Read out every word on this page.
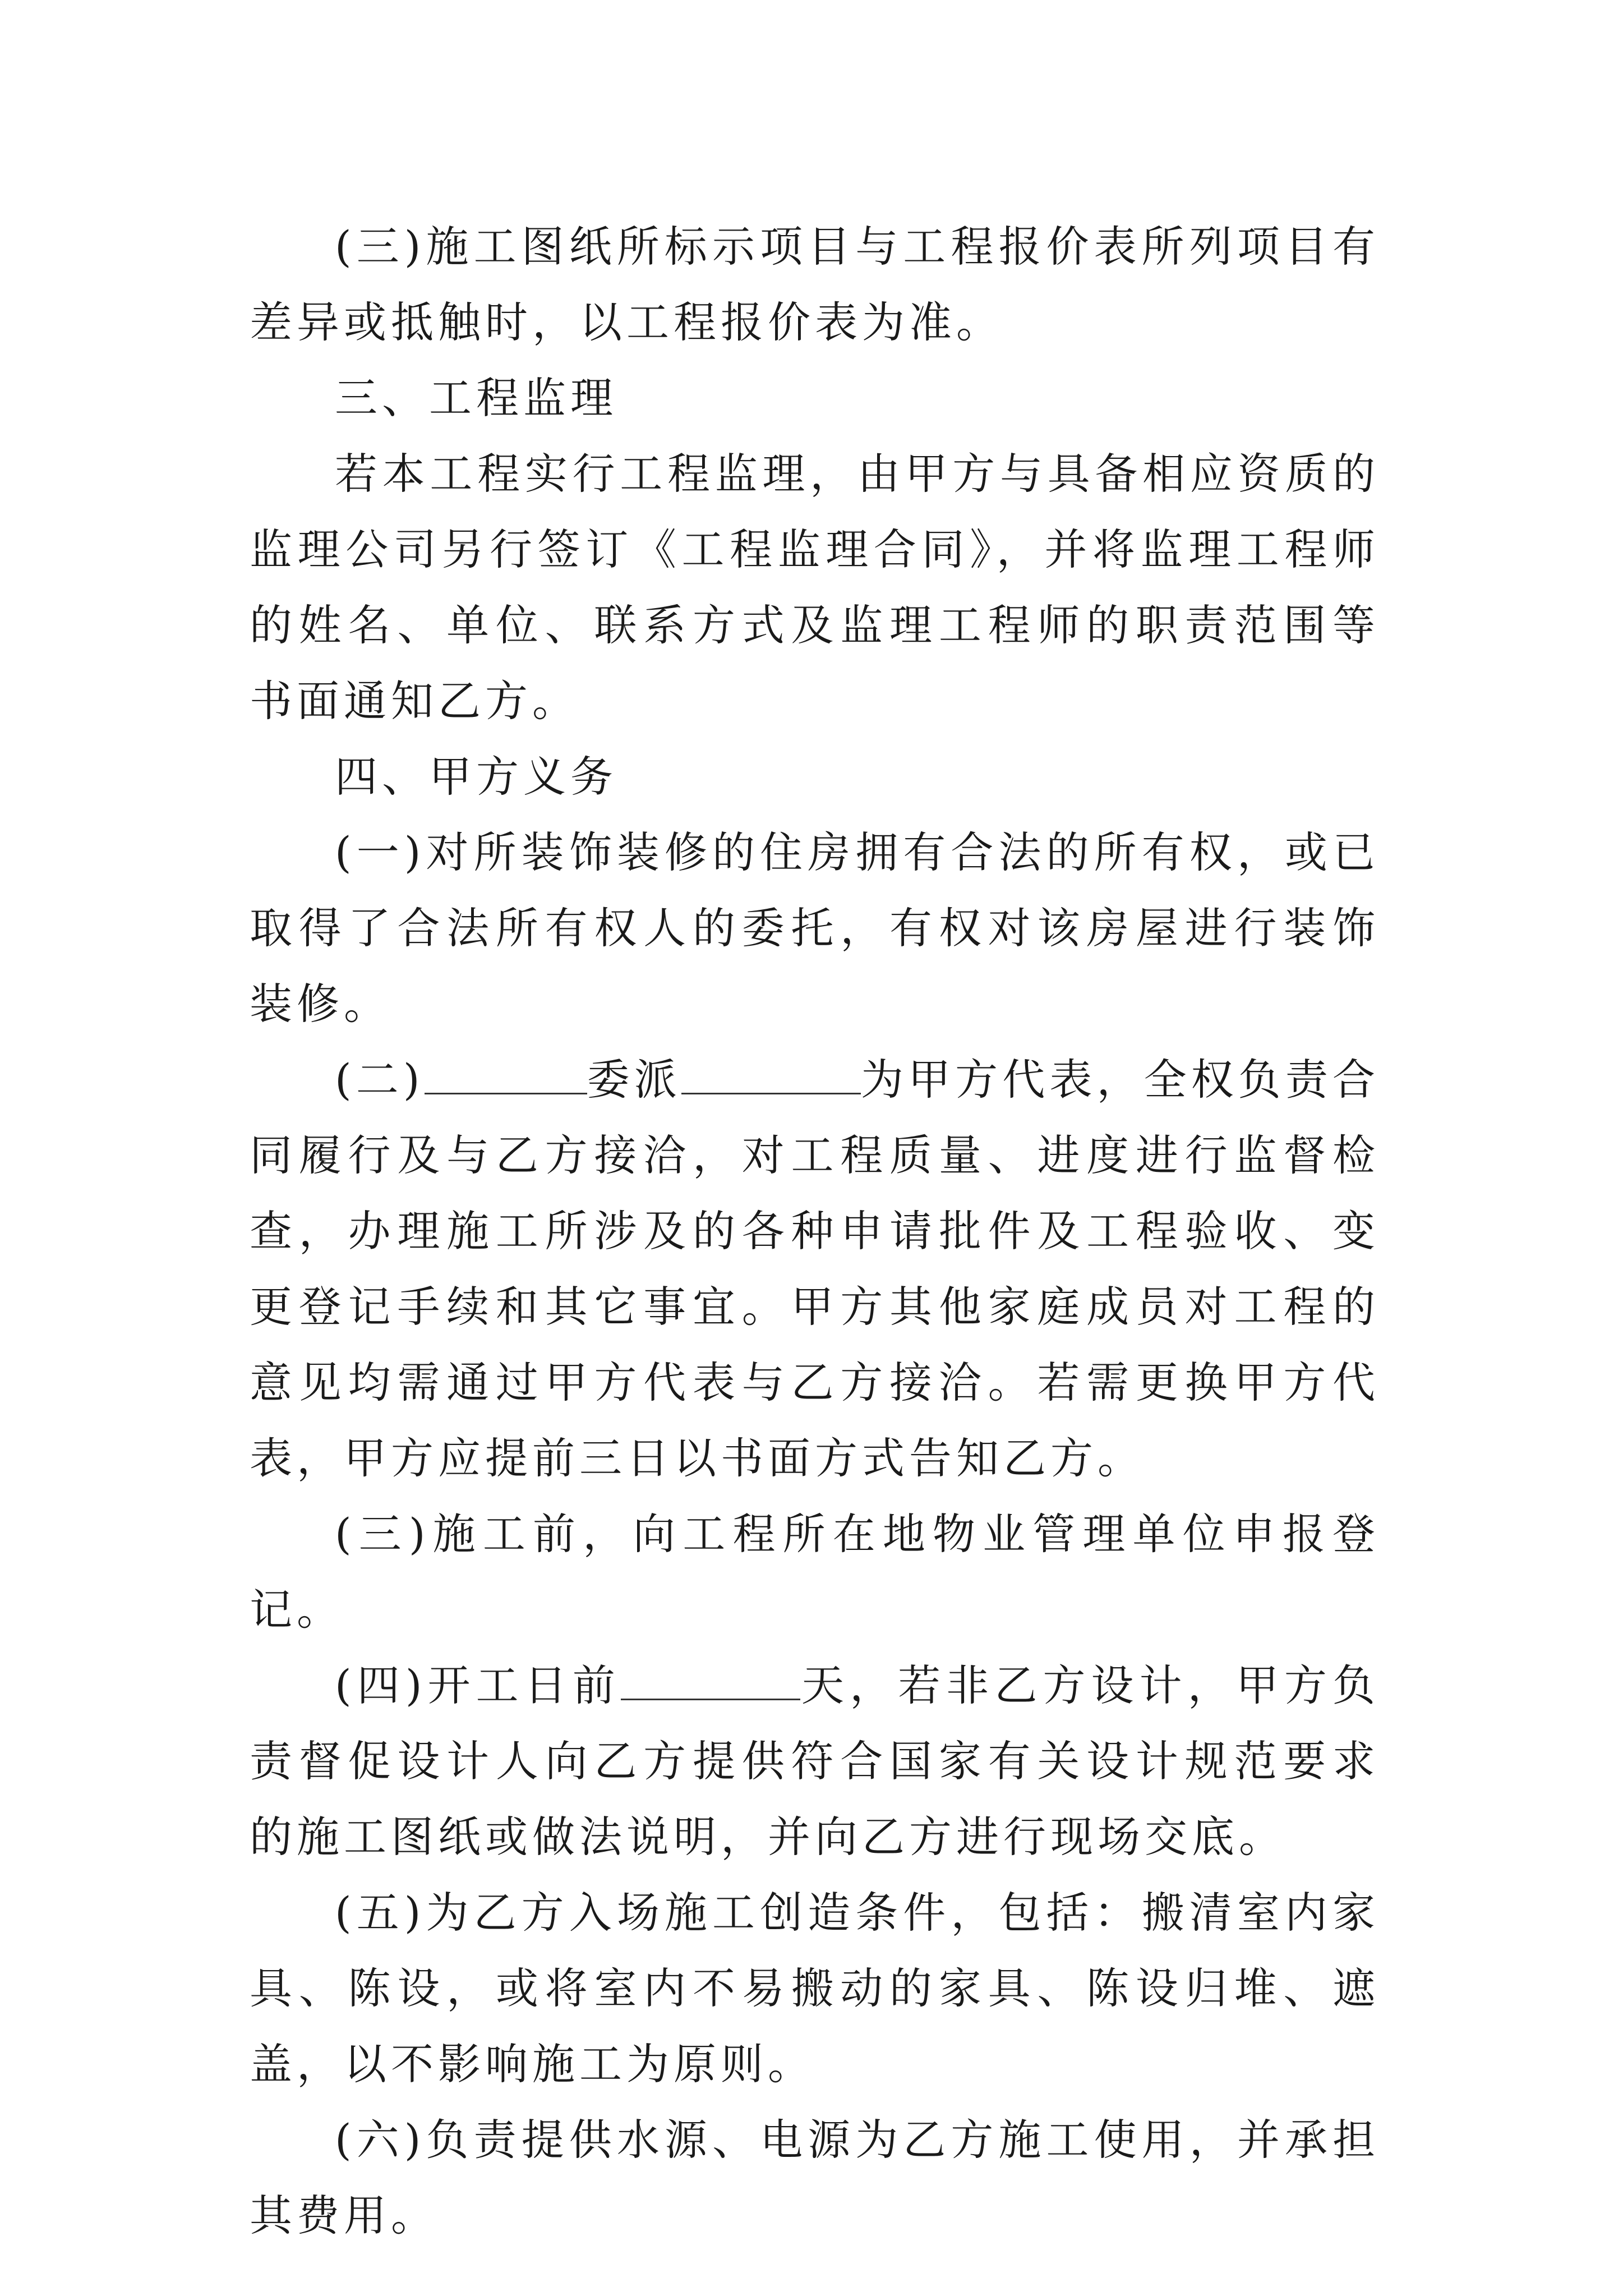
(三)施工图纸所标示项目与工程报价表所列项目有差异或抵触时，以工程报价表为准。

三、工程监理

若本工程实行工程监理，由甲方与具备相应资质的监理公司另行签订《工程监理合同》，并将监理工程师的姓名、单位、联系方式及监理工程师的职责范围等书面通知乙方。

四、甲方义务

(一)对所装饰装修的住房拥有合法的所有权，或已取得了合法所有权人的委托，有权对该房屋进行装饰装修。

(二)	委派	为甲方代表，全权负责合同履行及与乙方接洽，对工程质量、进度进行监督检查，办理施工所涉及的各种申请批件及工程验收、变更登记手续和其它事宜。甲方其他家庭成员对工程的意见均需通过甲方代表与乙方接洽。若需更换甲方代表，甲方应提前三日以书面方式告知乙方。

(三)施工前，向工程所在地物业管理单位申报登记。

(四)开工日前	天，若非乙方设计，甲方负责督促设计人向乙方提供符合国家有关设计规范要求的施工图纸或做法说明，并向乙方进行现场交底。

(五)为乙方入场施工创造条件，包括：搬清室内家具、陈设，或将室内不易搬动的家具、陈设归堆、遮盖，以不影响施工为原则。

(六)负责提供水源、电源为乙方施工使用，并承担其费用。
